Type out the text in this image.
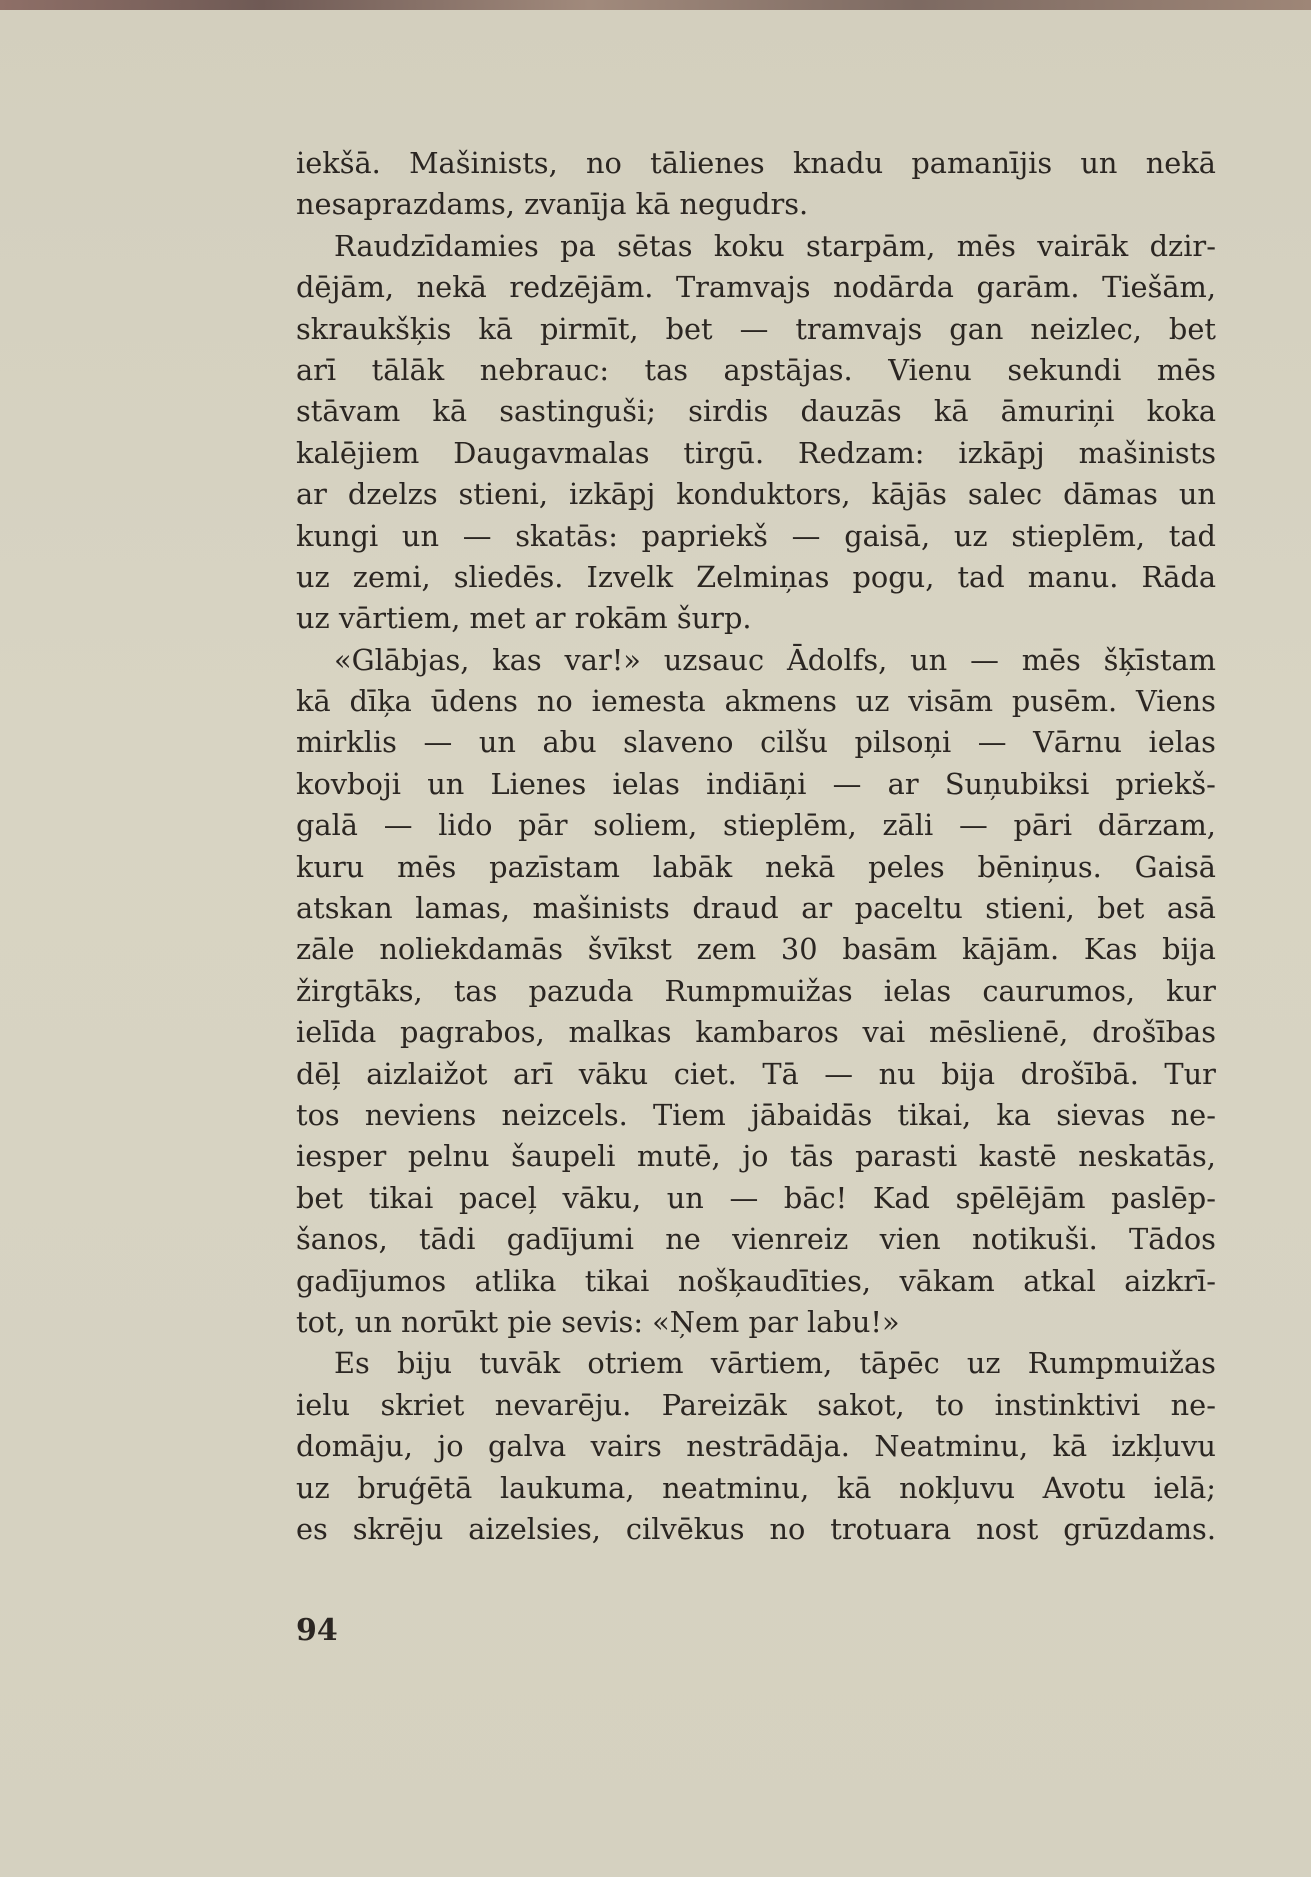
iekšā. Mašinists, no tālienes knadu pamanījis un nekā
nesaprazdams, zvanīja kā negudrs.
Raudzīdamies pa sētas koku starpām, mēs vairāk dzir-
dējām, nekā redzējām. Tramvajs nodārda garām. Tiešām,
skraukšķis kā pirmīt, bet — tramvajs gan neizlec, bet
arī tālāk nebrauc: tas apstājas. Vienu sekundi mēs
stāvam kā sastinguši; sirdis dauzās kā āmuriņi koka
kalējiem Daugavmalas tirgū. Redzam: izkāpj mašinists
ar dzelzs stieni, izkāpj konduktors, kājās salec dāmas un
kungi un — skatās: papriekš — gaisā, uz stieplēm, tad
uz zemi, sliedēs. Izvelk Zelmiņas pogu, tad manu. Rāda
uz vārtiem, met ar rokām šurp.
«Glābjas, kas var!» uzsauc Ādolfs, un — mēs šķīstam
kā dīķa ūdens no iemesta akmens uz visām pusēm. Viens
mirklis — un abu slaveno cilšu pilsoņi — Vārnu ielas
kovboji un Lienes ielas indiāņi — ar Suņubiksi priekš-
galā — lido pār soliem, stieplēm, zāli — pāri dārzam,
kuru mēs pazīstam labāk nekā peles bēniņus. Gaisā
atskan lamas, mašinists draud ar paceltu stieni, bet asā
zāle noliekdamās švīkst zem 30 basām kājām. Kas bija
žirgtāks, tas pazuda Rumpmuižas ielas caurumos, kur
ielīda pagrabos, malkas kambaros vai mēslienē, drošības
dēļ aizlaižot arī vāku ciet. Tā — nu bija drošībā. Tur
tos neviens neizcels. Tiem jābaidās tikai, ka sievas ne-
iesper pelnu šaupeli mutē, jo tās parasti kastē neskatās,
bet tikai paceļ vāku, un — bāc! Kad spēlējām paslēp-
šanos, tādi gadījumi ne vienreiz vien notikuši. Tādos
gadījumos atlika tikai nošķaudīties, vākam atkal aizkrī-
tot, un norūkt pie sevis: «Ņem par labu!»
Es biju tuvāk otriem vārtiem, tāpēc uz Rumpmuižas
ielu skriet nevarēju. Pareizāk sakot, to instinktivi ne-
domāju, jo galva vairs nestrādāja. Neatminu, kā izkļuvu
uz bruģētā laukuma, neatminu, kā nokļuvu Avotu ielā;
es skrēju aizelsies, cilvēkus no trotuara nost grūzdams.
94
